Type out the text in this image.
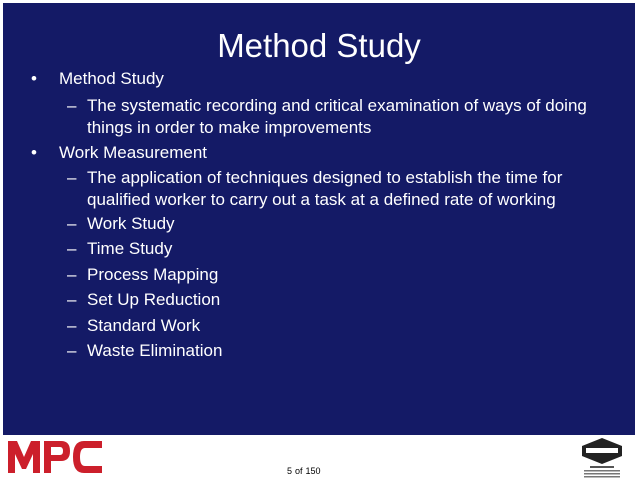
Method Study
• Method Study
– The systematic recording and critical examination of ways of doing things in order to make improvements
• Work Measurement
– The application of techniques designed to establish the time for qualified worker to carry out a task at a defined rate of working
– Work Study
– Time Study
– Process Mapping
– Set Up Reduction
– Standard Work
– Waste Elimination
5 of 150
